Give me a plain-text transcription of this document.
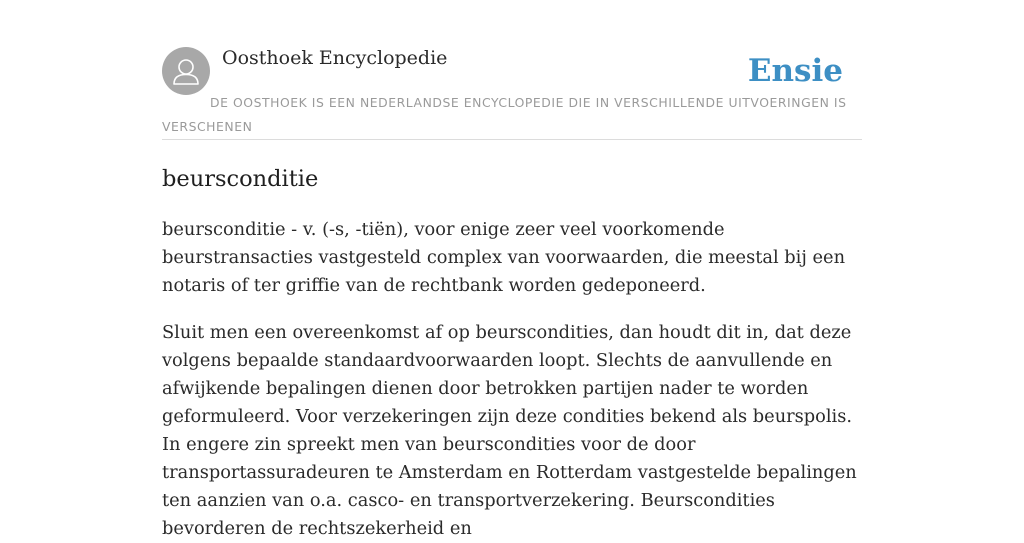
Oosthoek Encyclopedie	Ensie

DE OOSTHOEK IS EEN NEDERLANDSE ENCYCLOPEDIE DIE IN VERSCHILLENDE UITVOERINGEN IS VERSCHENEN

beursconditie

beursconditie - v. (-s, -tiën), voor enige zeer veel voorkomende beurstransacties vastgesteld complex van voorwaarden, die meestal bij een notaris of ter griffie van de rechtbank worden gedeponeerd.

Sluit men een overeenkomst af op beurscondities, dan houdt dit in, dat deze volgens bepaalde standaardvoorwaarden loopt. Slechts de aanvullende en afwijkende bepalingen dienen door betrokken partijen nader te worden geformuleerd. Voor verzekeringen zijn deze condities bekend als beurspolis. In engere zin spreekt men van beurscondities voor de door transportassuradeuren te Amsterdam en Rotterdam vastgestelde bepalingen ten aanzien van o.a. casco- en transportverzekering. Beurscondities bevorderen de rechtszekerheid en
